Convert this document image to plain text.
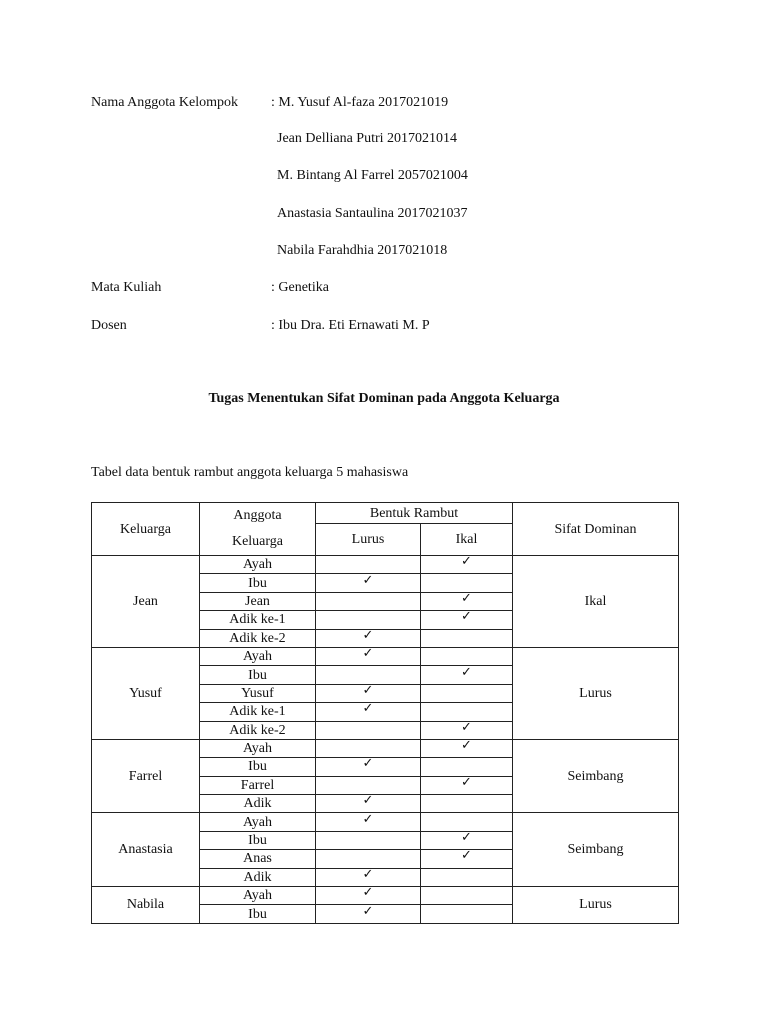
Nama Anggota Kelompok : M. Yusuf Al-faza 2017021019
Jean Delliana Putri 2017021014
M. Bintang Al Farrel 2057021004
Anastasia Santaulina 2017021037
Nabila Farahdhia 2017021018
Mata Kuliah	: Genetika
Dosen	: Ibu Dra. Eti Ernawati M. P
Tugas Menentukan Sifat Dominan pada Anggota Keluarga
Tabel data bentuk rambut anggota keluarga 5 mahasiswa
Keluarga	Anggota
Keluarga	Bentuk Rambut		Sifat Dominan
		Lurus	Ikal	
Jean	Ayah		✓	Ikal
	Ibu	✓		
	Jean		✓	
	Adik ke-1		✓	
	Adik ke-2	✓		
Yusuf	Ayah	✓		Lurus
	Ibu		✓	
	Yusuf	✓		
	Adik ke-1	✓		
	Adik ke-2		✓	
Farrel	Ayah		✓	Seimbang
	Ibu	✓		
	Farrel		✓	
	Adik	✓		
Anastasia	Ayah	✓		Seimbang
	Ibu		✓	
	Anas		✓	
	Adik	✓		
Nabila	Ayah	✓		Lurus
	Ibu	✓		
